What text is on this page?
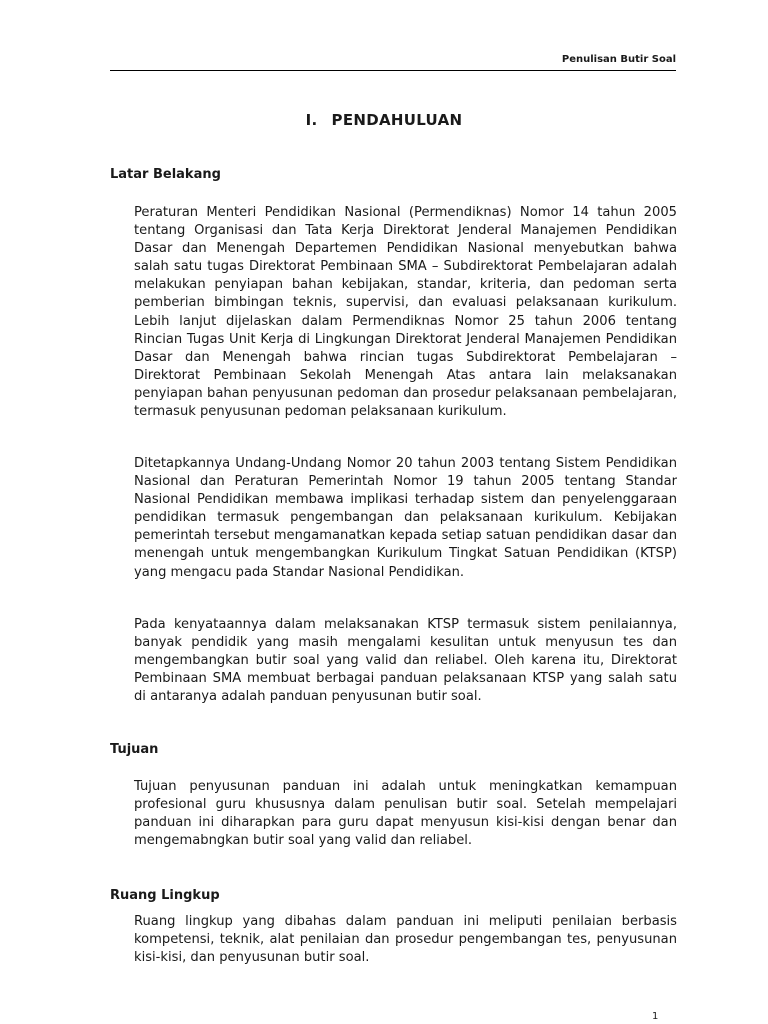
Penulisan Butir Soal
I. PENDAHULUAN
Latar Belakang

Peraturan Menteri Pendidikan Nasional (Permendiknas) Nomor 14 tahun 2005 tentang Organisasi dan Tata Kerja Direktorat Jenderal Manajemen Pendidikan Dasar dan Menengah Departemen Pendidikan Nasional menyebutkan bahwa salah satu tugas Direktorat Pembinaan SMA – Subdirektorat Pembelajaran adalah melakukan penyiapan bahan kebijakan, standar, kriteria, dan pedoman serta pemberian bimbingan teknis, supervisi, dan evaluasi pelaksanaan kurikulum. Lebih lanjut dijelaskan dalam Permendiknas Nomor 25 tahun 2006 tentang Rincian Tugas Unit Kerja di Lingkungan Direktorat Jenderal Manajemen Pendidikan Dasar dan Menengah bahwa rincian tugas Subdirektorat Pembelajaran – Direktorat Pembinaan Sekolah Menengah Atas antara lain melaksanakan penyiapan bahan penyusunan pedoman dan prosedur pelaksanaan pembelajaran, termasuk penyusunan pedoman pelaksanaan kurikulum.

Ditetapkannya Undang-Undang Nomor 20 tahun 2003 tentang Sistem Pendidikan Nasional dan Peraturan Pemerintah Nomor 19 tahun 2005 tentang Standar Nasional Pendidikan membawa implikasi terhadap sistem dan penyelenggaraan pendidikan termasuk pengembangan dan pelaksanaan kurikulum. Kebijakan pemerintah tersebut mengamanatkan kepada setiap satuan pendidikan dasar dan menengah untuk mengembangkan Kurikulum Tingkat Satuan Pendidikan (KTSP) yang mengacu pada Standar Nasional Pendidikan.

Pada kenyataannya dalam melaksanakan KTSP termasuk sistem penilaiannya, banyak pendidik yang masih mengalami kesulitan untuk menyusun tes dan mengembangkan butir soal yang valid dan reliabel. Oleh karena itu, Direktorat Pembinaan SMA membuat berbagai panduan pelaksanaan KTSP yang salah satu di antaranya adalah panduan penyusunan butir soal.

Tujuan

Tujuan penyusunan panduan ini adalah untuk meningkatkan kemampuan profesional guru khususnya dalam penulisan butir soal. Setelah mempelajari panduan ini diharapkan para guru dapat menyusun kisi-kisi dengan benar dan mengemabngkan butir soal yang valid dan reliabel.

Ruang Lingkup

Ruang lingkup yang dibahas dalam panduan ini meliputi penilaian berbasis kompetensi, teknik, alat penilaian dan prosedur pengembangan tes, penyusunan kisi-kisi, dan penyusunan butir soal.

1
